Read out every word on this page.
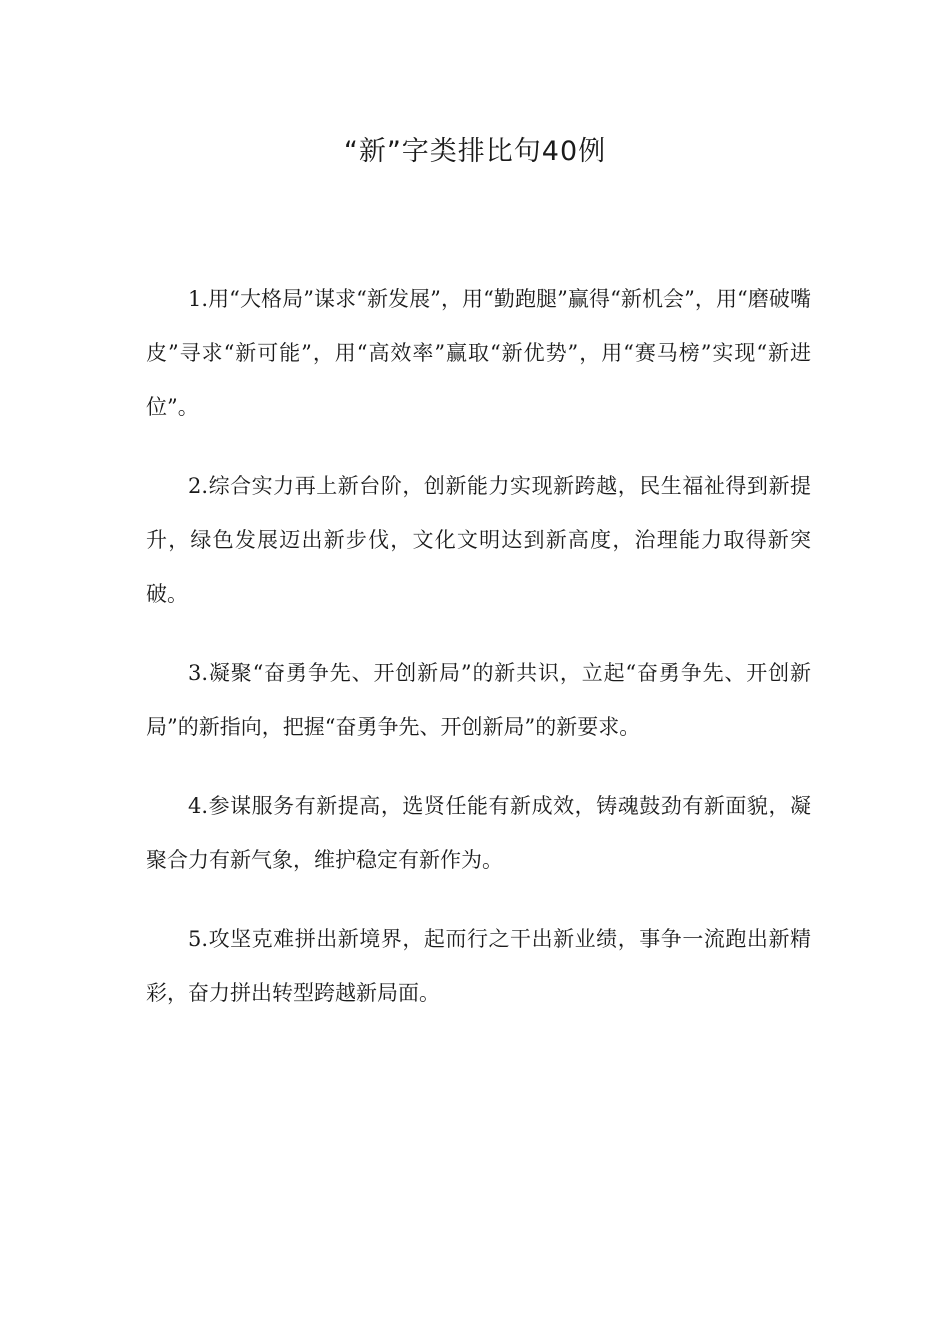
“新”字类排比句40例

1.用“大格局”谋求“新发展”，用“勤跑腿”赢得“新机会”，用“磨破嘴皮”寻求“新可能”，用“高效率”赢取“新优势”，用“赛马榜”实现“新进位”。

2.综合实力再上新台阶，创新能力实现新跨越，民生福祉得到新提升，绿色发展迈出新步伐，文化文明达到新高度，治理能力取得新突破。

3.凝聚“奋勇争先、开创新局”的新共识，立起“奋勇争先、开创新局”的新指向，把握“奋勇争先、开创新局”的新要求。

4.参谋服务有新提高，选贤任能有新成效，铸魂鼓劲有新面貌，凝聚合力有新气象，维护稳定有新作为。

5.攻坚克难拼出新境界，起而行之干出新业绩，事争一流跑出新精彩，奋力拼出转型跨越新局面。
